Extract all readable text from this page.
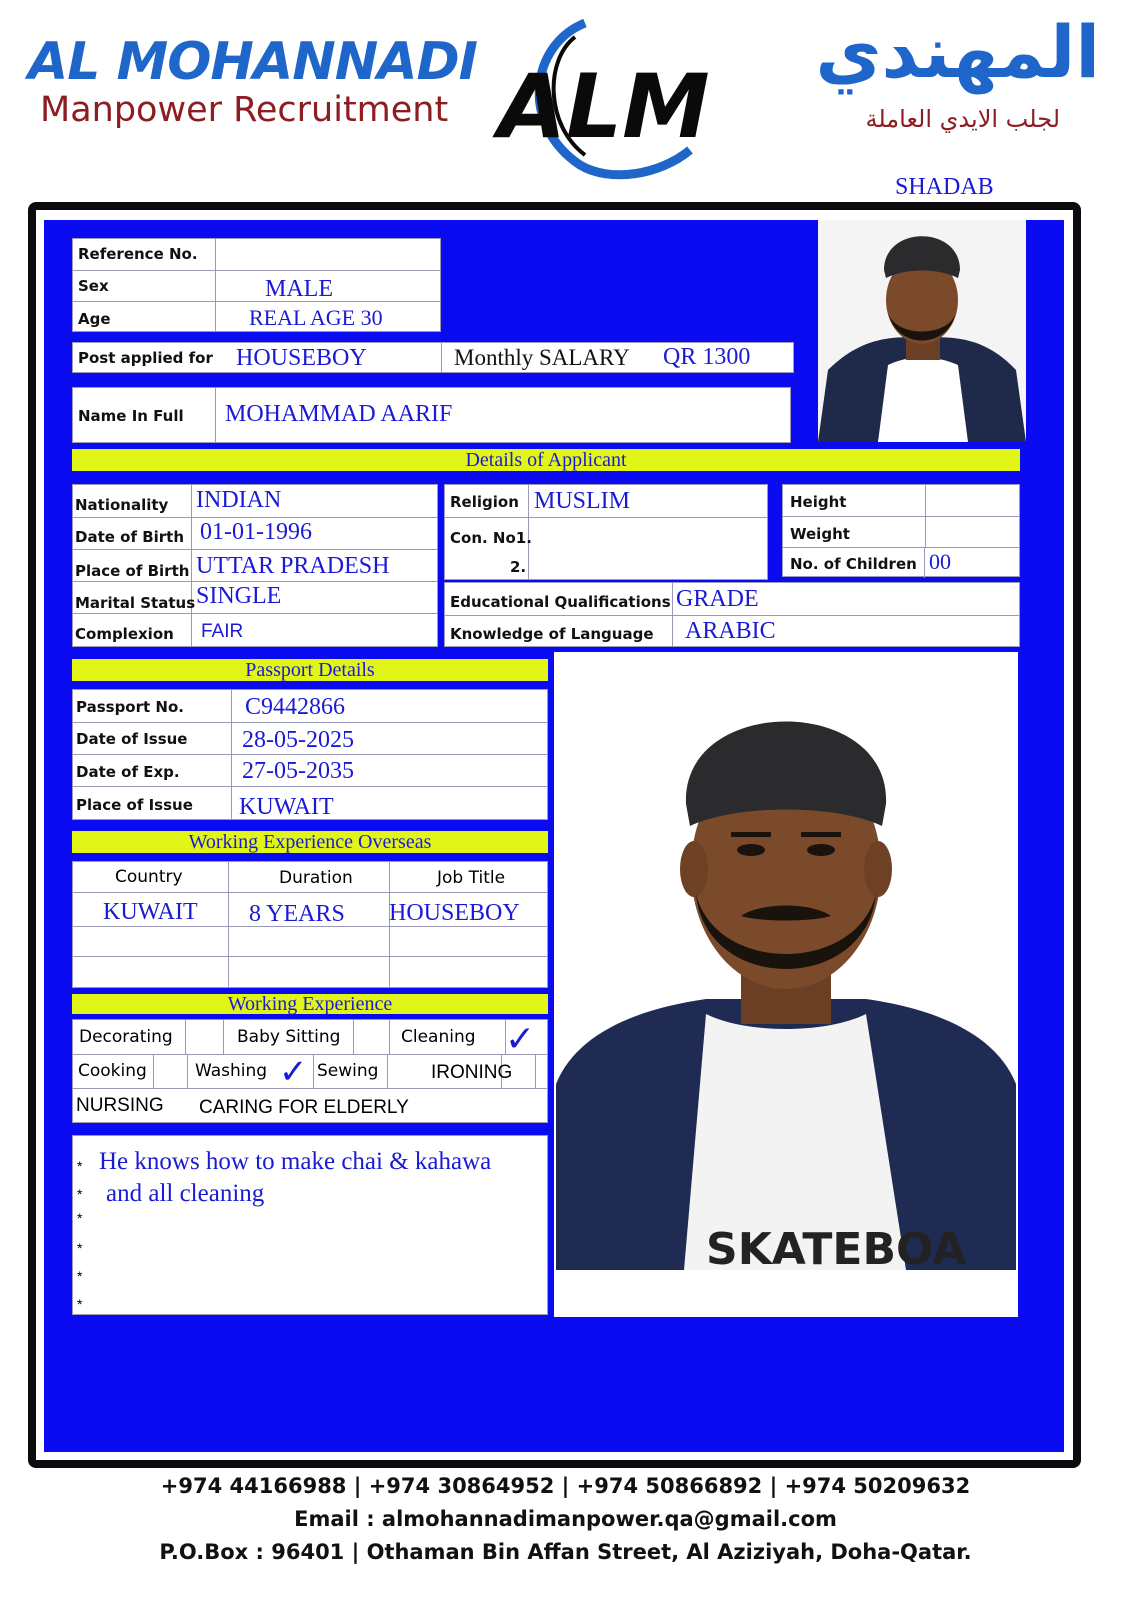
AL MOHANNADI
Manpower Recruitment ALM
المهندي
لجلب الايدي العاملة
SHADAB
Reference No.
Sex	MALE
Age	REAL AGE 30
Post applied for HOUSEBOY	Monthly SALARY QR 1300
Name In Full MOHAMMAD AARIF
Details of Applicant
Nationality INDIAN
Date of Birth 01-01-1996
Place of Birth UTTAR PRADESH
Marital Status SINGLE
Complexion FAIR
Religion MUSLIM
Con. No1.
2.
Height
Weight
No. of Children 00
Educational Qualifications GRADE
Knowledge of Language ARABIC
Passport Details
Passport No.	C9442866
Date of Issue 28-05-2025
Date of Exp.	27-05-2035
Place of Issue KUWAIT
Working Experience Overseas
Country	Duration	Job Title
KUWAIT 8 YEARS HOUSEBOY
Working Experience
Decorating	Baby Sitting	Cleaning ✓
Cooking	Washing ✓ Sewing	IRONING
NURSING CARING FOR ELDERLY
*
*
*
*
*
*
He knows how to make chai & kahawa
and all cleaning
SKATEBOA
+974 44166988 | +974 30864952 | +974 50866892 | +974 50209632
Email : almohannadimanpower.qa@gmail.com
P.O.Box : 96401 | Othaman Bin Affan Street, Al Aziziyah, Doha-Qatar.
